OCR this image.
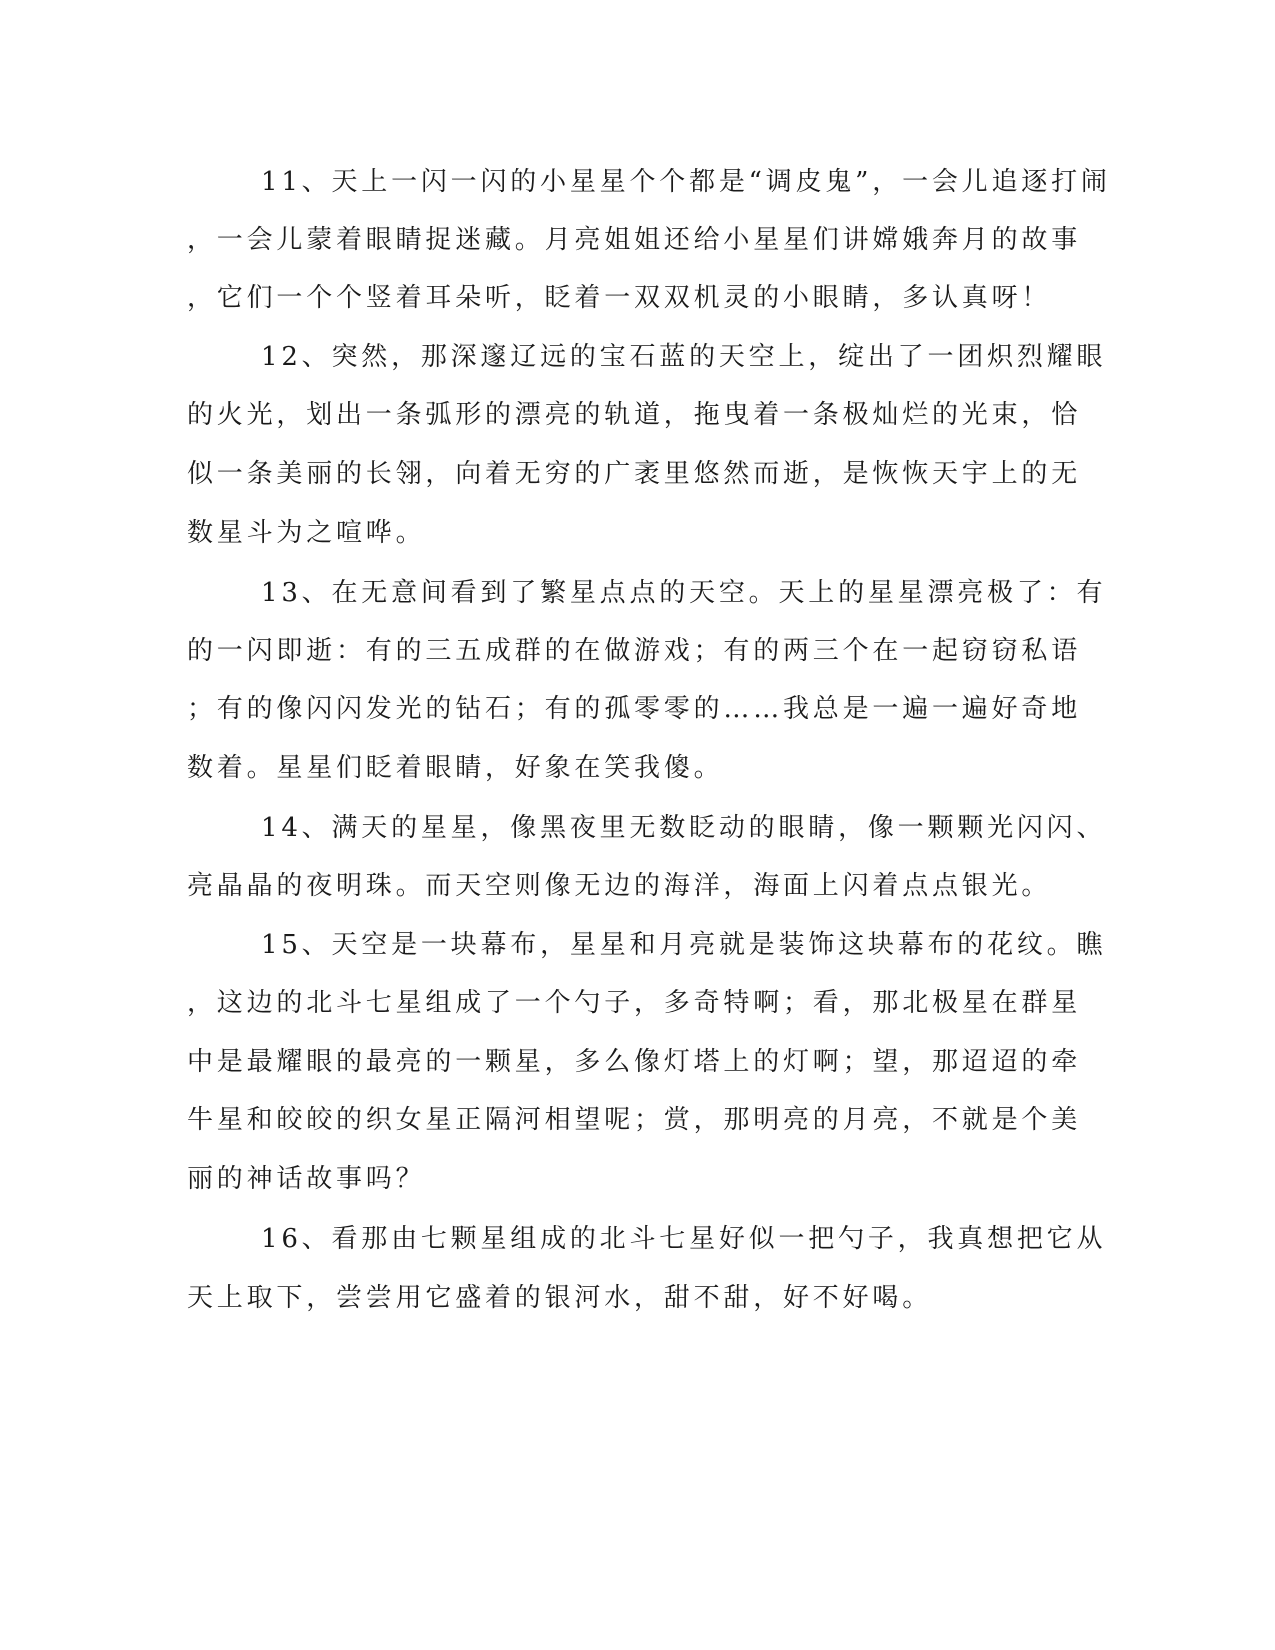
11、天上一闪一闪的小星星个个都是“调皮鬼”，一会儿追逐打闹
，一会儿蒙着眼睛捉迷藏。月亮姐姐还给小星星们讲嫦娥奔月的故事
，它们一个个竖着耳朵听，眨着一双双机灵的小眼睛，多认真呀！
12、突然，那深邃辽远的宝石蓝的天空上，绽出了一团炽烈耀眼
的火光，划出一条弧形的漂亮的轨道，拖曳着一条极灿烂的光束，恰
似一条美丽的长翎，向着无穷的广袤里悠然而逝，是恢恢天宇上的无
数星斗为之喧哗。
13、在无意间看到了繁星点点的天空。天上的星星漂亮极了：有
的一闪即逝：有的三五成群的在做游戏；有的两三个在一起窃窃私语
；有的像闪闪发光的钻石；有的孤零零的……我总是一遍一遍好奇地
数着。星星们眨着眼睛，好象在笑我傻。
14、满天的星星，像黑夜里无数眨动的眼睛，像一颗颗光闪闪、
亮晶晶的夜明珠。而天空则像无边的海洋，海面上闪着点点银光。
15、天空是一块幕布，星星和月亮就是装饰这块幕布的花纹。瞧
，这边的北斗七星组成了一个勺子，多奇特啊；看，那北极星在群星
中是最耀眼的最亮的一颗星，多么像灯塔上的灯啊；望，那迢迢的牵
牛星和皎皎的织女星正隔河相望呢；赏，那明亮的月亮，不就是个美
丽的神话故事吗？
16、看那由七颗星组成的北斗七星好似一把勺子，我真想把它从
天上取下，尝尝用它盛着的银河水，甜不甜，好不好喝。
